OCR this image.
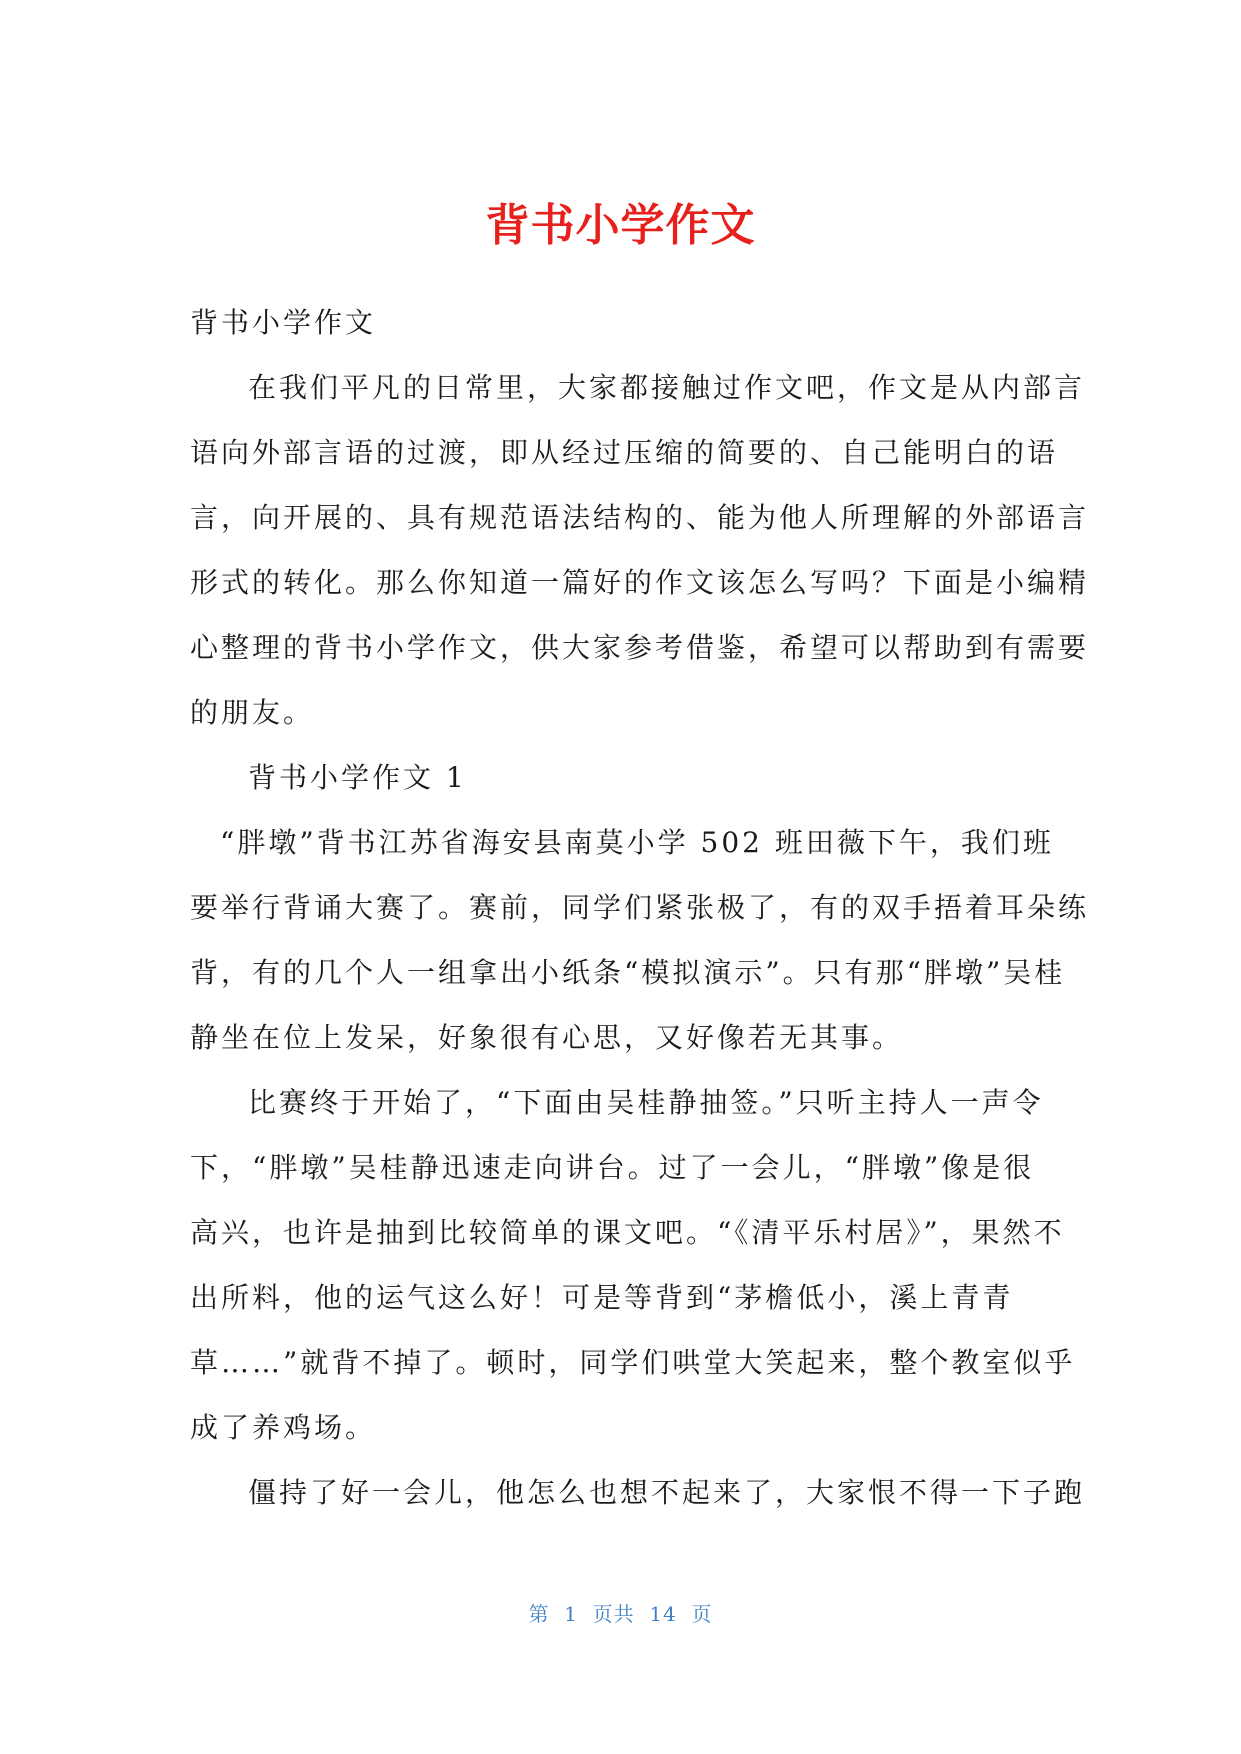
背书小学作文
背书小学作文
在我们平凡的日常里，大家都接触过作文吧，作文是从内部言
语向外部言语的过渡，即从经过压缩的简要的、自己能明白的语
言，向开展的、具有规范语法结构的、能为他人所理解的外部语言
形式的转化。那么你知道一篇好的作文该怎么写吗？下面是小编精
心整理的背书小学作文，供大家参考借鉴，希望可以帮助到有需要
的朋友。
背书小学作文 1
“胖墩”背书江苏省海安县南莫小学 502 班田薇下午，我们班
要举行背诵大赛了。赛前，同学们紧张极了，有的双手捂着耳朵练
背，有的几个人一组拿出小纸条“模拟演示”。只有那“胖墩”吴桂
静坐在位上发呆，好象很有心思，又好像若无其事。
比赛终于开始了，“下面由吴桂静抽签。”只听主持人一声令
下，“胖墩”吴桂静迅速走向讲台。过了一会儿，“胖墩”像是很
高兴，也许是抽到比较简单的课文吧。“《清平乐村居》”，果然不
出所料，他的运气这么好！可是等背到“茅檐低小，溪上青青
草……”就背不掉了。顿时，同学们哄堂大笑起来，整个教室似乎
成了养鸡场。
僵持了好一会儿，他怎么也想不起来了，大家恨不得一下子跑
第  1  页共  14  页
